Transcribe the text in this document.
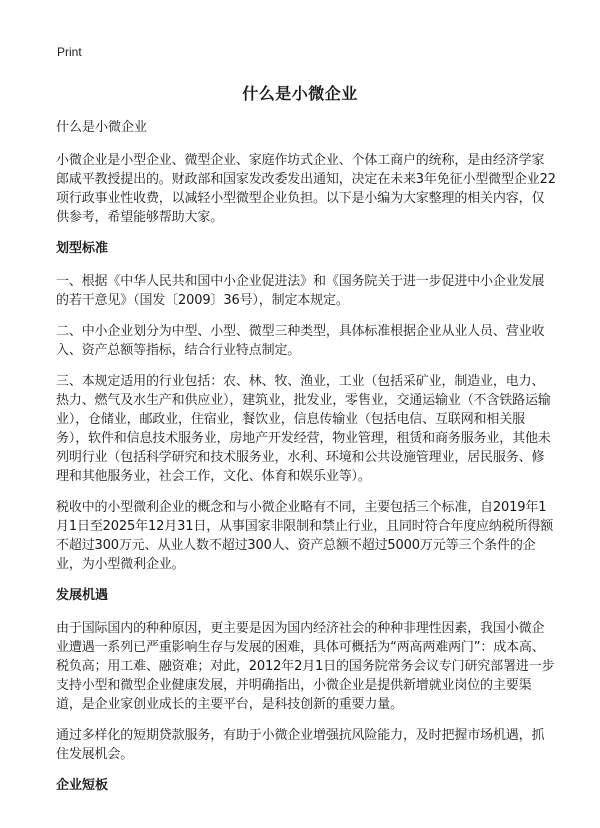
Print
什么是小微企业
什么是小微企业

小微企业是小型企业、微型企业、家庭作坊式企业、个体工商户的统称，是由经济学家郎咸平教授提出的。财政部和国家发改委发出通知，决定在未来3年免征小型微型企业22项行政事业性收费，以减轻小型微型企业负担。以下是小编为大家整理的相关内容，仅供参考，希望能够帮助大家。

划型标准

一、根据《中华人民共和国中小企业促进法》和《国务院关于进一步促进中小企业发展的若干意见》（国发〔2009〕36号），制定本规定。

二、中小企业划分为中型、小型、微型三种类型，具体标准根据企业从业人员、营业收入、资产总额等指标，结合行业特点制定。

三、本规定适用的行业包括：农、林、牧、渔业，工业（包括采矿业，制造业，电力、热力、燃气及水生产和供应业），建筑业，批发业，零售业，交通运输业（不含铁路运输业），仓储业，邮政业，住宿业，餐饮业，信息传输业（包括电信、互联网和相关服务），软件和信息技术服务业，房地产开发经营，物业管理，租赁和商务服务业，其他未列明行业（包括科学研究和技术服务业，水利、环境和公共设施管理业，居民服务、修理和其他服务业，社会工作，文化、体育和娱乐业等）。

税收中的小型微利企业的概念和与小微企业略有不同，主要包括三个标准，自2019年1月1日至2025年12月31日，从事国家非限制和禁止行业，且同时符合年度应纳税所得额不超过300万元、从业人数不超过300人、资产总额不超过5000万元等三个条件的企业，为小型微利企业。

发展机遇

由于国际国内的种种原因，更主要是因为国内经济社会的种种非理性因素，我国小微企业遭遇一系列已严重影响生存与发展的困难，具体可概括为“两高两难两门”：成本高、税负高；用工难、融资难；对此，2012年2月1日的国务院常务会议专门研究部署进一步支持小型和微型企业健康发展，并明确指出，小微企业是提供新增就业岗位的主要渠道，是企业家创业成长的主要平台，是科技创新的重要力量。

通过多样化的短期贷款服务，有助于小微企业增强抗风险能力，及时把握市场机遇，抓住发展机会。

企业短板
